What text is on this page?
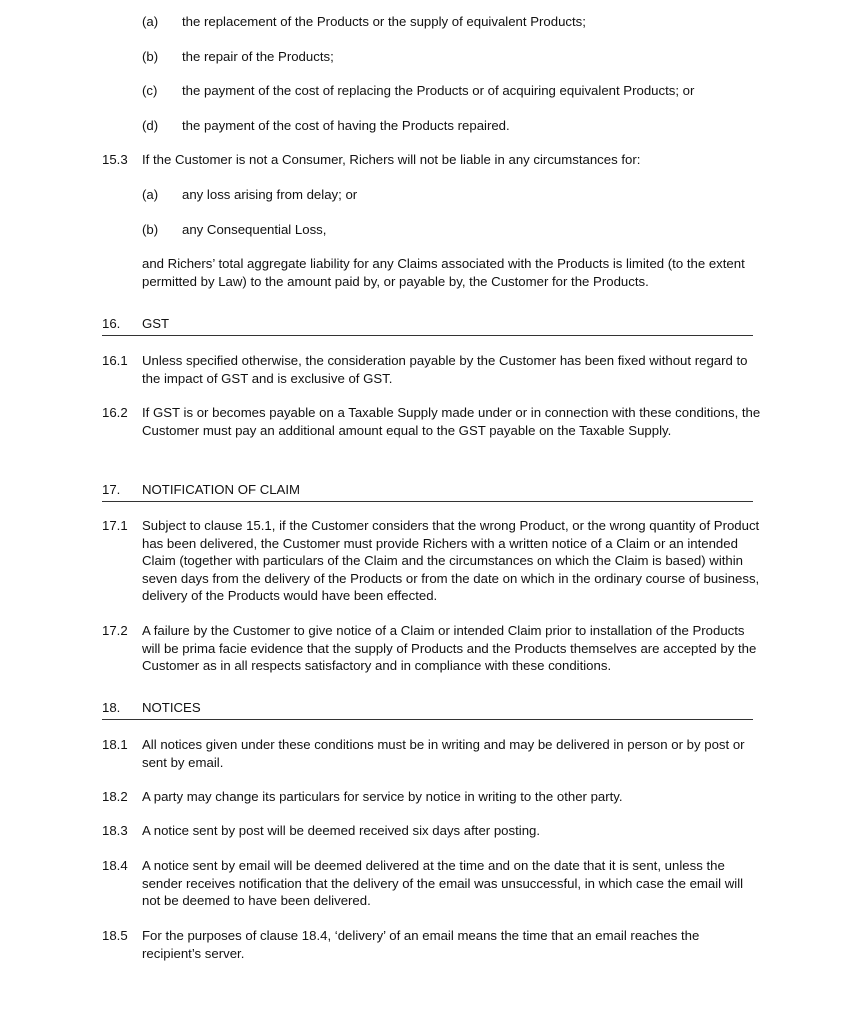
(a)	the replacement of the Products or the supply of equivalent Products;
(b)	the repair of the Products;
(c)	the payment of the cost of replacing the Products or of acquiring equivalent Products; or
(d)	the payment of the cost of having the Products repaired.
15.3	If the Customer is not a Consumer, Richers will not be liable in any circumstances for:
(a)	any loss arising from delay; or
(b)	any Consequential Loss,
and Richers’ total aggregate liability for any Claims associated with the Products is limited (to the extent permitted by Law) to the amount paid by, or payable by, the Customer for the Products.
16.	GST
16.1	Unless specified otherwise, the consideration payable by the Customer has been fixed without regard to the impact of GST and is exclusive of GST.
16.2	If GST is or becomes payable on a Taxable Supply made under or in connection with these conditions, the Customer must pay an additional amount equal to the GST payable on the Taxable Supply.
17.	NOTIFICATION OF CLAIM
17.1	Subject to clause 15.1, if the Customer considers that the wrong Product, or the wrong quantity of Product has been delivered, the Customer must provide Richers with a written notice of a Claim or an intended Claim (together with particulars of the Claim and the circumstances on which the Claim is based) within seven days from the delivery of the Products or from the date on which in the ordinary course of business, delivery of the Products would have been effected.
17.2	A failure by the Customer to give notice of a Claim or intended Claim prior to installation of the Products will be prima facie evidence that the supply of Products and the Products themselves are accepted by the Customer as in all respects satisfactory and in compliance with these conditions.
18.	NOTICES
18.1	All notices given under these conditions must be in writing and may be delivered in person or by post or sent by email.
18.2	A party may change its particulars for service by notice in writing to the other party.
18.3	A notice sent by post will be deemed received six days after posting.
18.4	A notice sent by email will be deemed delivered at the time and on the date that it is sent, unless the sender receives notification that the delivery of the email was unsuccessful, in which case the email will not be deemed to have been delivered.
18.5	For the purposes of clause 18.4, ‘delivery’ of an email means the time that an email reaches the recipient’s server.
